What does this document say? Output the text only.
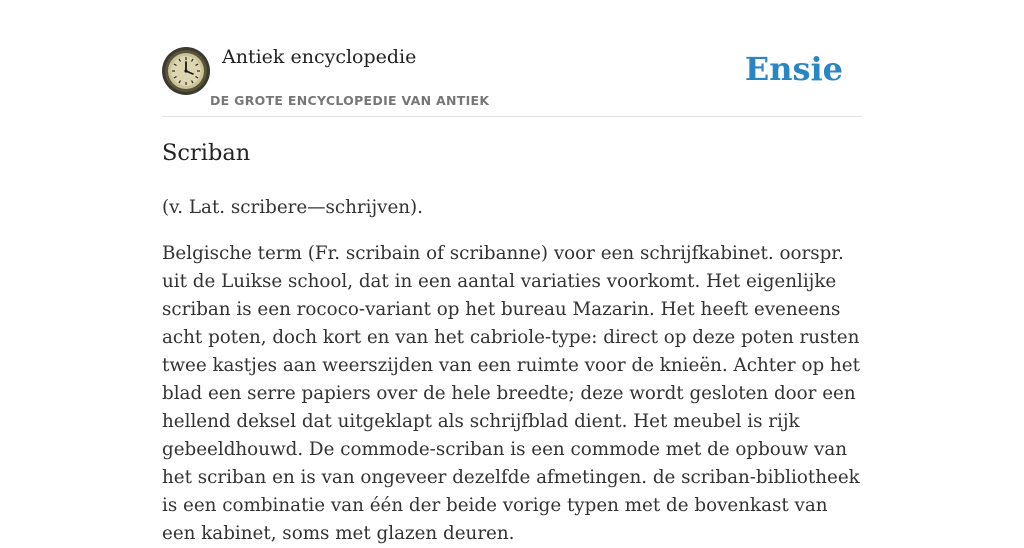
Antiek encyclopedie
DE GROTE ENCYCLOPEDIE VAN ANTIEK
Ensie
Scriban

(v. Lat. scribere—schrijven).

Belgische term (Fr. scribain of scribanne) voor een schrijfkabinet. oorspr. uit de Luikse school, dat in een aantal variaties voorkomt. Het eigenlijke scriban is een rococo-variant op het bureau Mazarin. Het heeft eveneens acht poten, doch kort en van het cabriole-type: direct op deze poten rusten twee kastjes aan weerszijden van een ruimte voor de knieën. Achter op het blad een serre papiers over de hele breedte; deze wordt gesloten door een hellend deksel dat uitgeklapt als schrijfblad dient. Het meubel is rijk gebeeldhouwd. De commode-scriban is een commode met de opbouw van het scriban en is van ongeveer dezelfde afmetingen. de scriban-bibliotheek is een combinatie van één der beide vorige typen met de bovenkast van een kabinet, soms met glazen deuren.
